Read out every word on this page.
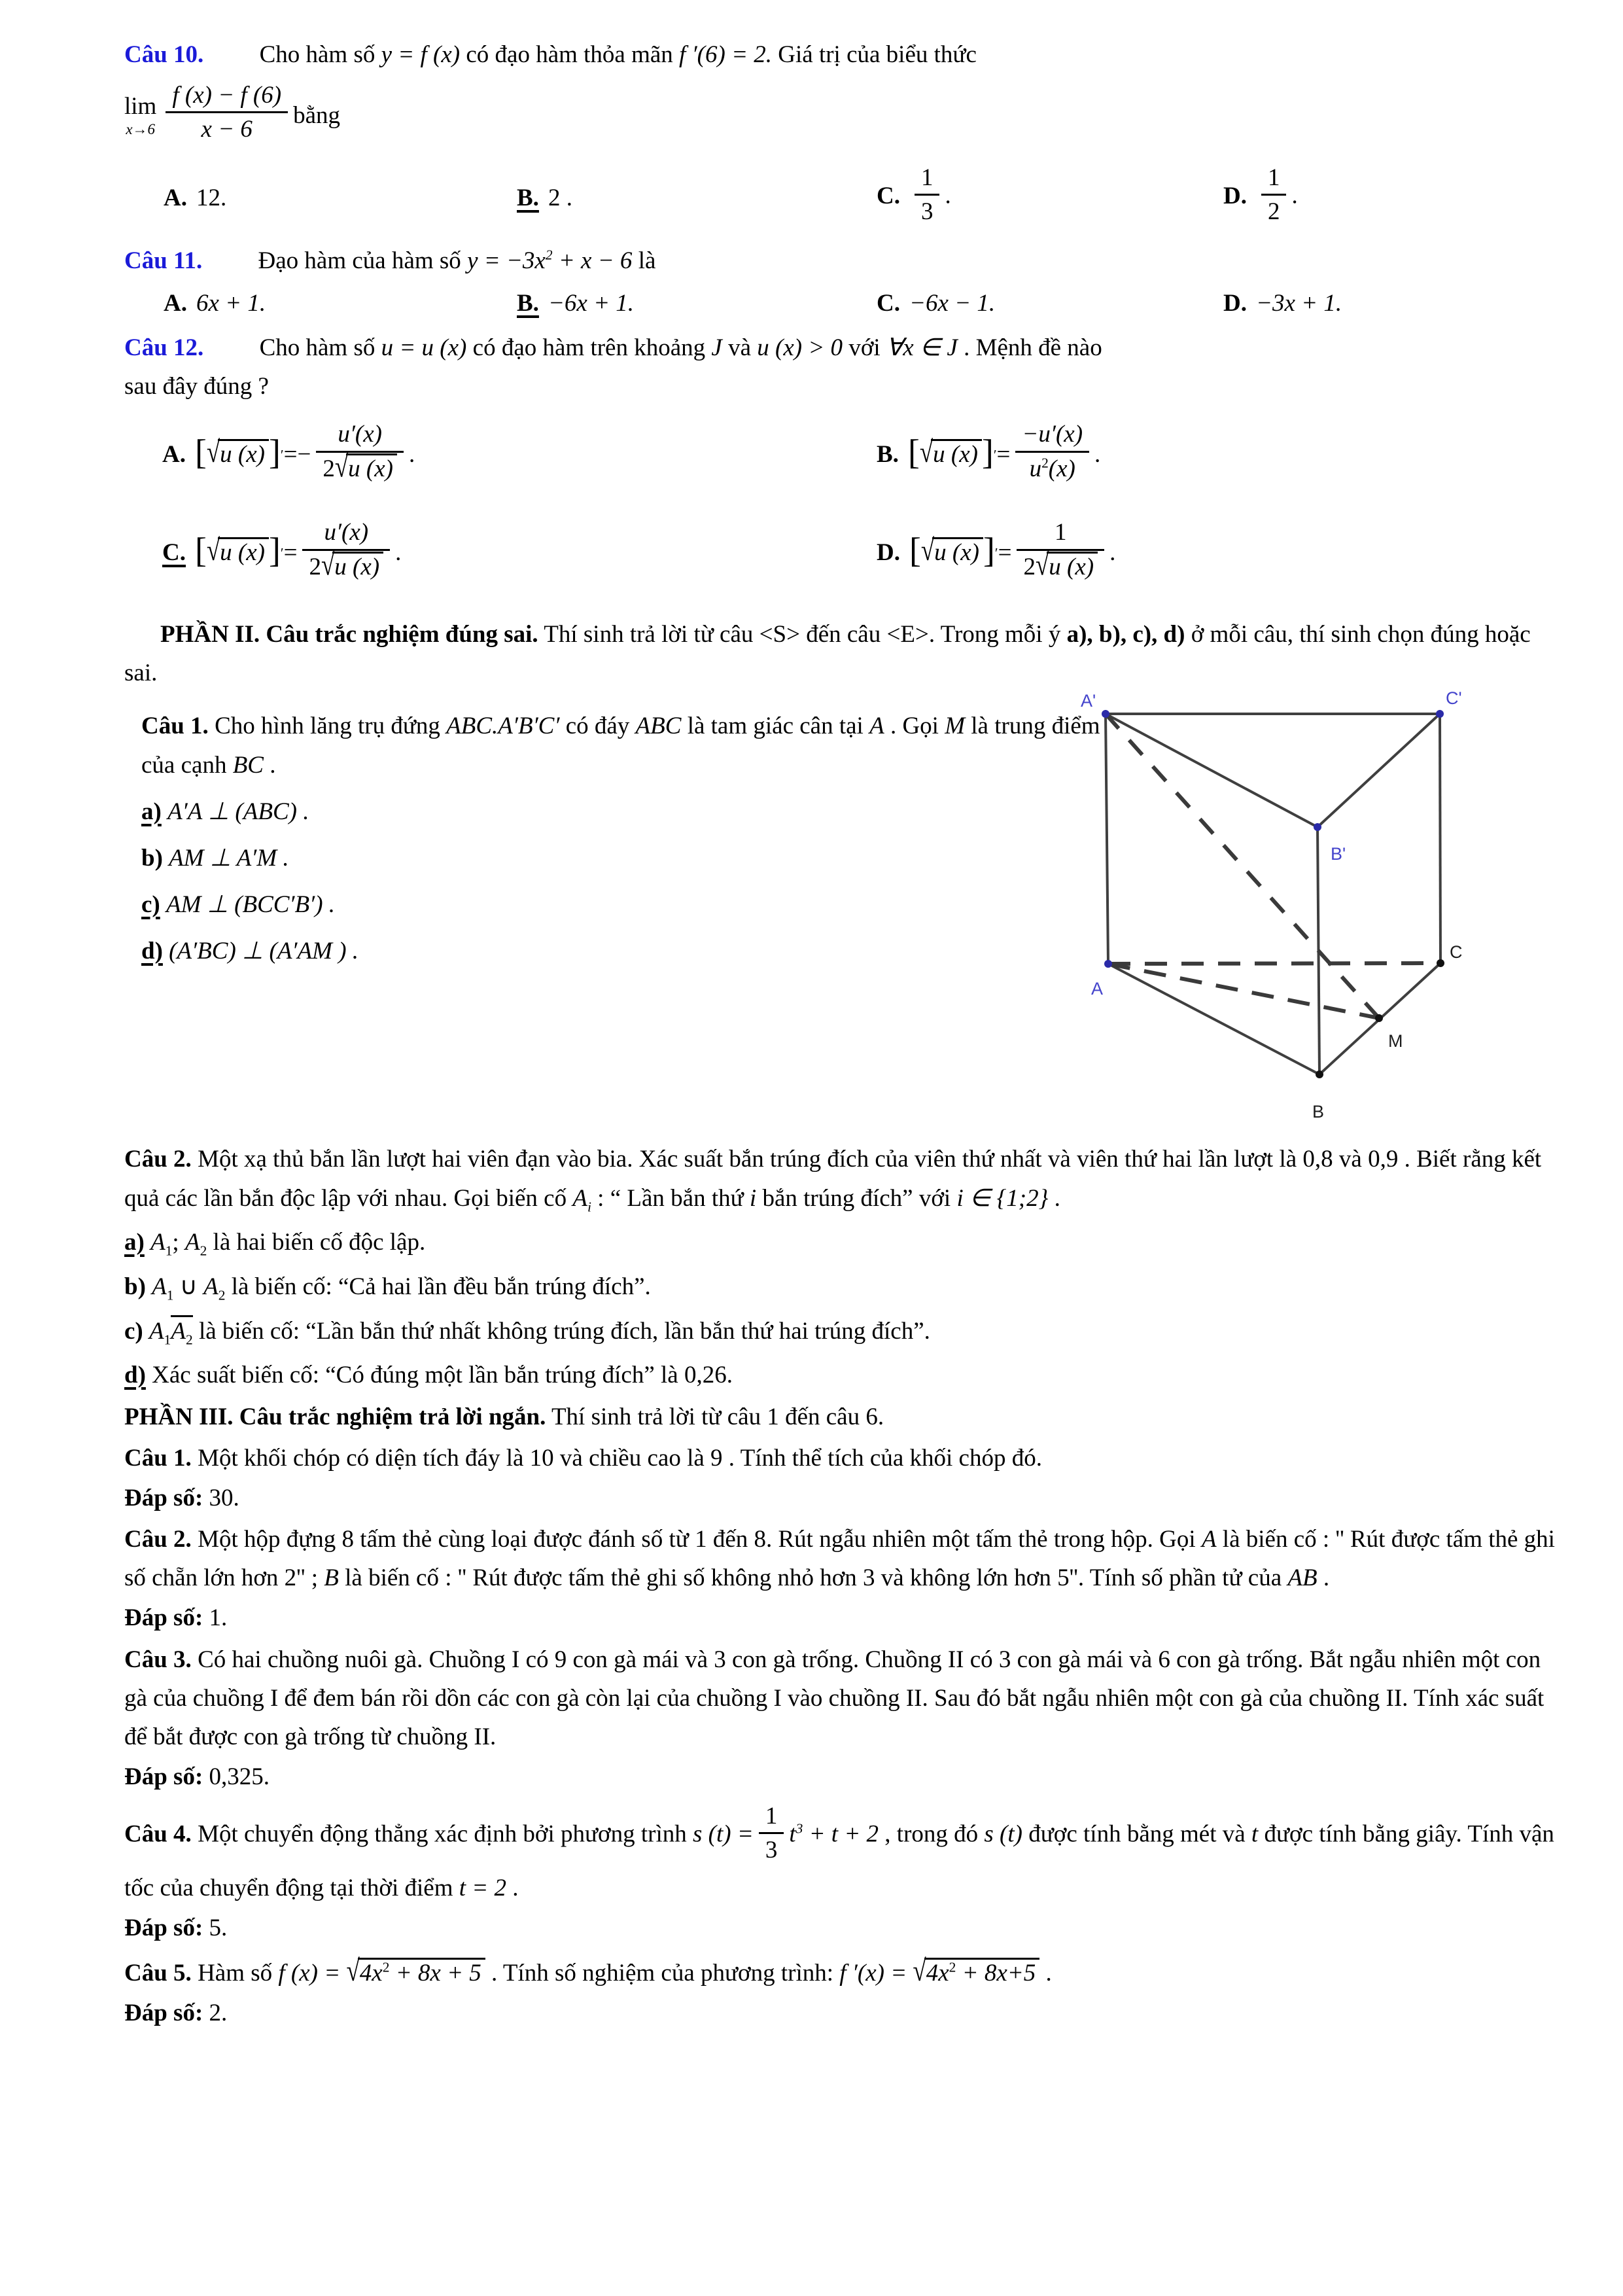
Câu 10. Cho hàm số y = f (x) có đạo hàm thỏa mãn f ′(6) = 2. Giá trị của biểu thức

lim
$x\to 6 \frac{f (x) - f (6)}{x - 6}$ bằng
A. 12.	B. 2 .	C. $\frac{1}{3}$ .	D. $\frac{1}{2}$ .

Câu 11. Đạo hàm của hàm số $y = -3x^2 + x - 6$ là

A. 6x + 1.	B. −6x + 1.	C. −6x − 1.	D. −3x + 1.

Câu 12. Cho hàm số u = u (x) có đạo hàm trên khoảng J và u (x) > 0 với ∀x ∈ J . Mệnh đề nào

sau đây đúng ?

A. [ √u (x) ] ′ = − $\frac{u'(x)}{2√u (x)}$ .	B. [ √u (x) ] ′ = $\frac{-u'(x)}{u^2(x)}$ .
C. [ √u (x) ] ′ = $\frac{u'(x)}{2√u (x)}$ .	D. [ √u (x) ] ′ = $\frac{1}{2√u (x)}$ .

PHẦN II. Câu trắc nghiệm đúng sai. Thí sinh trả lời từ câu <S> đến câu <E>. Trong mỗi ý a), b), c), d) ở mỗi câu, thí sinh chọn đúng hoặc sai.

Câu 1. Cho hình lăng trụ đứng ABC.A′B′C′ có đáy ABC là tam giác cân tại A . Gọi M là trung điểm của cạnh BC .

a) A′A ⊥ (ABC) .

b) AM ⊥ A′M .

c) AM ⊥ (BCC′B′) .

d) (A′BC) ⊥ (A′AM ) .

A'	C'
B'
A
C
M
B

Câu 2. Một xạ thủ bắn lần lượt hai viên đạn vào bia. Xác suất bắn trúng đích của viên thứ nhất và viên thứ hai lần lượt là 0,8 và 0,9 . Biết rằng kết quả các lần bắn độc lập với nhau. Gọi biến cố $A_i$ : “ Lần bắn thứ i bắn trúng đích” với i ∈ {1;2} .

a) $A_1$; $A_2$ là hai biến cố độc lập.

b) $A_1$ ∪ $A_2$ là biến cố: “Cả hai lần đều bắn trúng đích”.

c) $A_1A_2$ là biến cố: “Lần bắn thứ nhất không trúng đích, lần bắn thứ hai trúng đích”.

d) Xác suất biến cố: “Có đúng một lần bắn trúng đích” là 0,26.

PHẦN III. Câu trắc nghiệm trả lời ngắn. Thí sinh trả lời từ câu 1 đến câu 6.

Câu 1. Một khối chóp có diện tích đáy là 10 và chiều cao là 9 . Tính thể tích của khối chóp đó.

Đáp số: 30.

Câu 2. Một hộp đựng 8 tấm thẻ cùng loại được đánh số từ 1 đến 8. Rút ngẫu nhiên một tấm thẻ trong hộp. Gọi A là biến cố : '' Rút được tấm thẻ ghi số chẵn lớn hơn 2'' ; B là biến cố : '' Rút được tấm thẻ ghi số không nhỏ hơn 3 và không lớn hơn 5''. Tính số phần tử của AB .

Đáp số: 1.

Câu 3. Có hai chuồng nuôi gà. Chuồng I có 9 con gà mái và 3 con gà trống. Chuồng II có 3 con gà mái và 6 con gà trống. Bắt ngẫu nhiên một con gà của chuồng I để đem bán rồi dồn các con gà còn lại của chuồng I vào chuồng II. Sau đó bắt ngẫu nhiên một con gà của chuồng II. Tính xác suất để bắt được con gà trống từ chuồng II.

Đáp số: 0,325.

Câu 4. Một chuyển động thẳng xác định bởi phương trình s $(t) = \frac{1}{3} t^3 + t + 2$ , trong đó s (t) được tính bằng mét và t được tính bằng giây. Tính vận tốc của chuyển động tại thời điểm t = 2 .

Đáp số: 5.

Câu 5. Hàm số f $(x) = √4x^2 + 8x + 5$ . Tính số nghiệm của phương trình: f $'(x) = √4x^2 + 8x+5$ .

Đáp số: 2.
